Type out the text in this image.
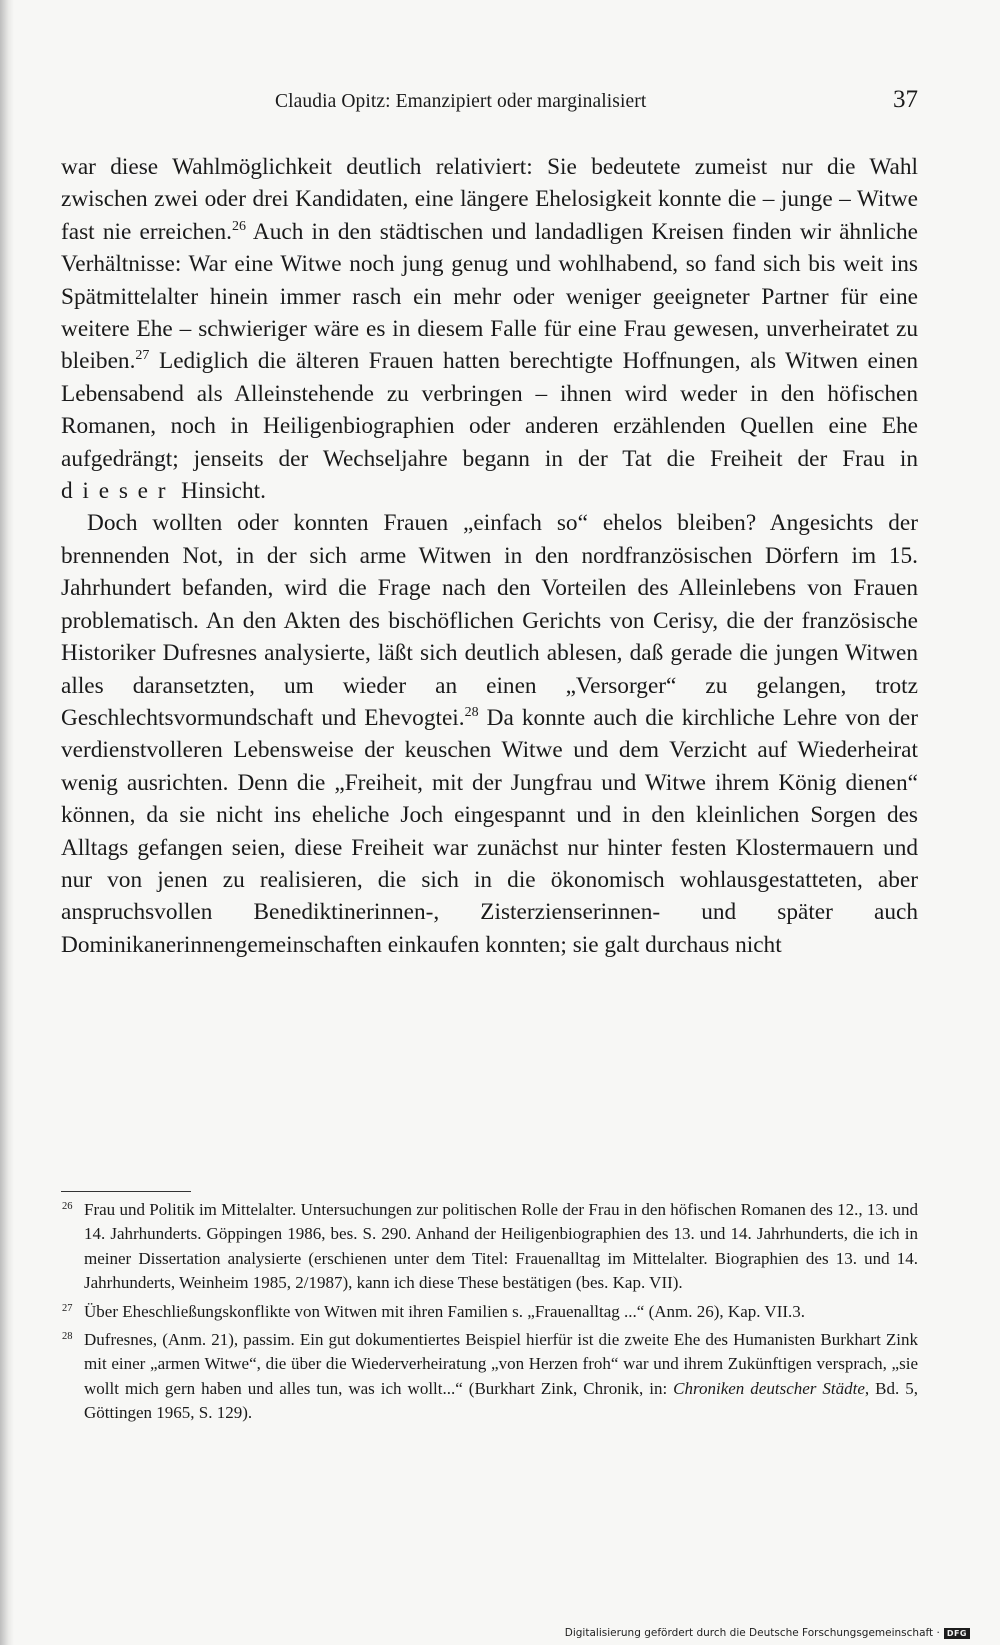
Claudia Opitz: Emanzipiert oder marginalisiert	37

war diese Wahlmöglichkeit deutlich relativiert: Sie bedeutete zumeist nur die Wahl zwischen zwei oder drei Kandidaten, eine längere Ehelosigkeit konnte die – junge – Witwe fast nie erreichen.$^{26}$ Auch in den städtischen und landadligen Kreisen finden wir ähnliche Verhältnisse: War eine Witwe noch jung genug und wohlhabend, so fand sich bis weit ins Spätmittelalter hinein immer rasch ein mehr oder weniger geeigneter Partner für eine weitere Ehe – schwieriger wäre es in diesem Falle für eine Frau gewesen, unverheiratet zu bleiben.$^{27}$ Lediglich die älteren Frauen hatten berechtigte Hoffnungen, als Witwen einen Lebensabend als Alleinstehende zu verbringen – ihnen wird weder in den höfischen Romanen, noch in Heiligenbiographien oder anderen erzählenden Quellen eine Ehe aufgedrängt; jenseits der Wechseljahre begann in der Tat die Freiheit der Frau in dieser Hinsicht.

Doch wollten oder konnten Frauen „einfach so“ ehelos bleiben? Angesichts der brennenden Not, in der sich arme Witwen in den nordfranzösischen Dörfern im 15. Jahrhundert befanden, wird die Frage nach den Vorteilen des Alleinlebens von Frauen problematisch. An den Akten des bischöflichen Gerichts von Cerisy, die der französische Historiker Dufresnes analysierte, läßt sich deutlich ablesen, daß gerade die jungen Witwen alles daransetzten, um wieder an einen „Versorger“ zu gelangen, trotz Geschlechtsvormundschaft und Ehevogtei.$^{28}$ Da konnte auch die kirchliche Lehre von der verdienstvolleren Lebensweise der keuschen Witwe und dem Verzicht auf Wiederheirat wenig ausrichten. Denn die „Freiheit, mit der Jungfrau und Witwe ihrem König dienen“ können, da sie nicht ins eheliche Joch eingespannt und in den kleinlichen Sorgen des Alltags gefangen seien, diese Freiheit war zunächst nur hinter festen Klostermauern und nur von jenen zu realisieren, die sich in die ökonomisch wohlausgestatteten, aber anspruchsvollen Benediktinerinnen-, Zisterzienserinnen- und später auch Dominikanerinnengemeinschaften einkaufen konnten; sie galt durchaus nicht

26 Frau und Politik im Mittelalter. Untersuchungen zur politischen Rolle der Frau in den höfischen Romanen des 12., 13. und 14. Jahrhunderts. Göppingen 1986, bes. S. 290. Anhand der Heiligenbiographien des 13. und 14. Jahrhunderts, die ich in meiner Dissertation analysierte (erschienen unter dem Titel: Frauenalltag im Mittelalter. Biographien des 13. und 14. Jahrhunderts, Weinheim 1985, 2/1987), kann ich diese These bestätigen (bes. Kap. VII).
27 Über Eheschließungskonflikte von Witwen mit ihren Familien s. „Frauenalltag ...“ (Anm. 26), Kap. VII.3.
28 Dufresnes, (Anm. 21), passim. Ein gut dokumentiertes Beispiel hierfür ist die zweite Ehe des Humanisten Burkhart Zink mit einer „armen Witwe“, die über die Wiederverheiratung „von Herzen froh“ war und ihrem Zukünftigen versprach, „sie wollt mich gern haben und alles tun, was ich wollt...“ (Burkhart Zink, Chronik, in: Chroniken deutscher Städte, Bd. 5, Göttingen 1965, S. 129).
Digitalisierung gefördert durch die Deutsche Forschungsgemeinschaft · DFG
